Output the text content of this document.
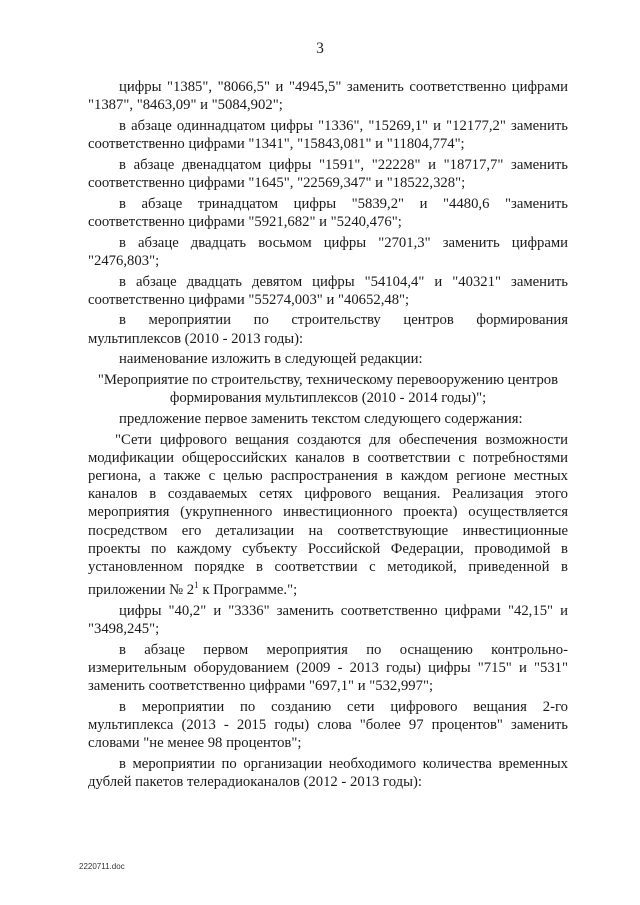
3

цифры "1385", "8066,5" и "4945,5" заменить соответственно цифрами "1387", "8463,09" и "5084,902";

в абзаце одиннадцатом цифры "1336", "15269,1" и "12177,2" заменить соответственно цифрами "1341", "15843,081" и "11804,774";

в абзаце двенадцатом цифры "1591", "22228" и "18717,7" заменить соответственно цифрами "1645", "22569,347" и "18522,328";

в абзаце тринадцатом цифры "5839,2" и "4480,6 "заменить соответственно цифрами "5921,682" и "5240,476";

в абзаце двадцать восьмом цифры "2701,3" заменить цифрами "2476,803";

в абзаце двадцать девятом цифры "54104,4" и "40321" заменить соответственно цифрами "55274,003" и "40652,48";

в мероприятии по строительству центров формирования мультиплексов (2010 - 2013 годы):

наименование изложить в следующей редакции:

"Мероприятие по строительству, техническому перевооружению центров формирования мультиплексов (2010 - 2014 годы)";

предложение первое заменить текстом следующего содержания:

"Сети цифрового вещания создаются для обеспечения возможности модификации общероссийских каналов в соответствии с потребностями региона, а также с целью распространения в каждом регионе местных каналов в создаваемых сетях цифрового вещания. Реализация этого мероприятия (укрупненного инвестиционного проекта) осуществляется посредством его детализации на соответствующие инвестиционные проекты по каждому субъекту Российской Федерации, проводимой в установленном порядке в соответствии с методикой, приведенной в приложении № $2^1$ к Программе.";

цифры "40,2" и "3336" заменить соответственно цифрами "42,15" и "3498,245";

в абзаце первом мероприятия по оснащению контрольно-измерительным оборудованием (2009 - 2013 годы) цифры "715" и "531" заменить соответственно цифрами "697,1" и "532,997";

в мероприятии по созданию сети цифрового вещания 2-го мультиплекса (2013 - 2015 годы) слова "более 97 процентов" заменить словами "не менее 98 процентов";

в мероприятии по организации необходимого количества временных дублей пакетов телерадиоканалов (2012 - 2013 годы):

2220711.doc
